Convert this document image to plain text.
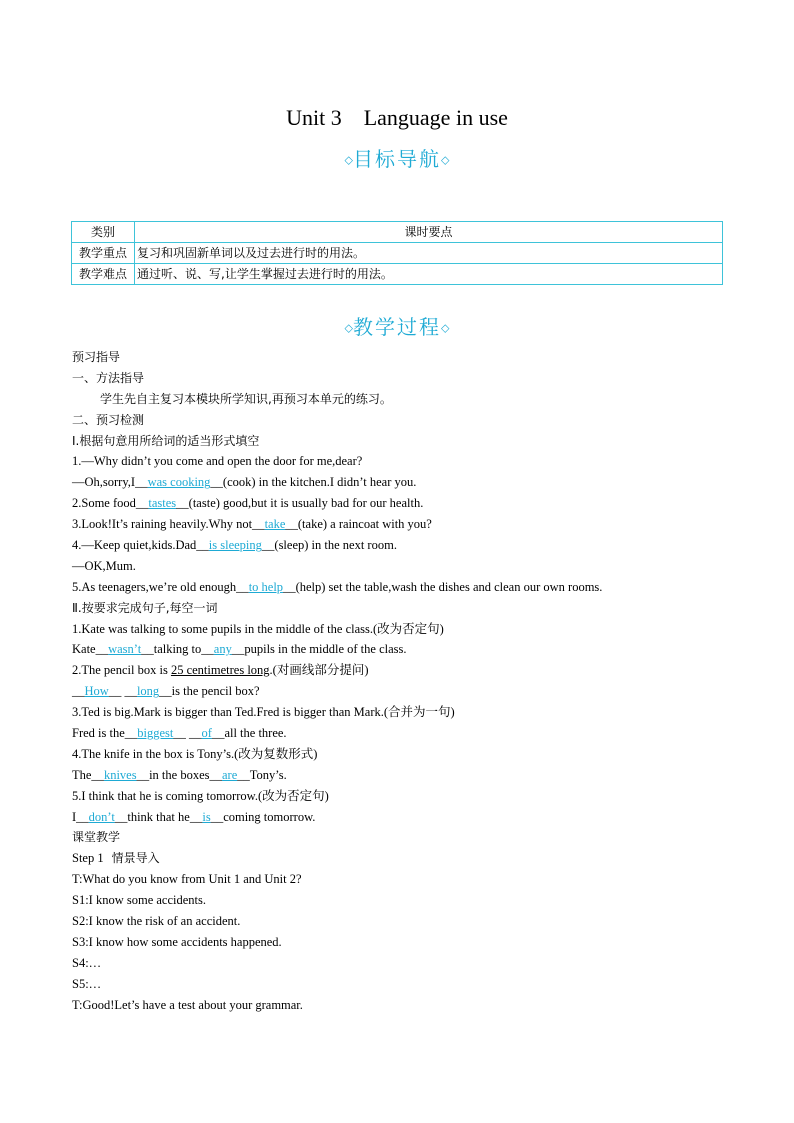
Unit 3 Language in use
◇目标导航◇
类别	课时要点
教学重点	复习和巩固新单词以及过去进行时的用法。
教学难点	通过听、说、写,让学生掌握过去进行时的用法。
◇教学过程◇
预习指导
一、方法指导
学生先自主复习本模块所学知识,再预习本单元的练习。
二、预习检测
Ⅰ.根据句意用所给词的适当形式填空
1.—Why didn’t you come and open the door for me,dear?
—Oh,sorry,I__was cooking__(cook) in the kitchen.I didn’t hear you.
2.Some food__tastes__(taste) good,but it is usually bad for our health.
3.Look!It’s raining heavily.Why not__take__(take) a raincoat with you?
4.—Keep quiet,kids.Dad__is sleeping__(sleep) in the next room.
—OK,Mum.
5.As teenagers,we’re old enough__to help__(help) set the table,wash the dishes and clean our own rooms.
Ⅱ.按要求完成句子,每空一词
1.Kate was talking to some pupils in the middle of the class.(改为否定句)
Kate__wasn’t__talking to__any__pupils in the middle of the class.
2.The pencil box is 25 centimetres long.(对画线部分提问)
__How__ __long__is the pencil box?
3.Ted is big.Mark is bigger than Ted.Fred is bigger than Mark.(合并为一句)
Fred is the__biggest__ __of__all the three.
4.The knife in the box is Tony’s.(改为复数形式)
The__knives__in the boxes__are__Tony’s.
5.I think that he is coming tomorrow.(改为否定句)
I__don’t__think that he__is__coming tomorrow.
课堂教学
Step 1 情景导入
T:What do you know from Unit 1 and Unit 2?
S1:I know some accidents.
S2:I know the risk of an accident.
S3:I know how some accidents happened.
S4:…
S5:…
T:Good!Let’s have a test about your grammar.
